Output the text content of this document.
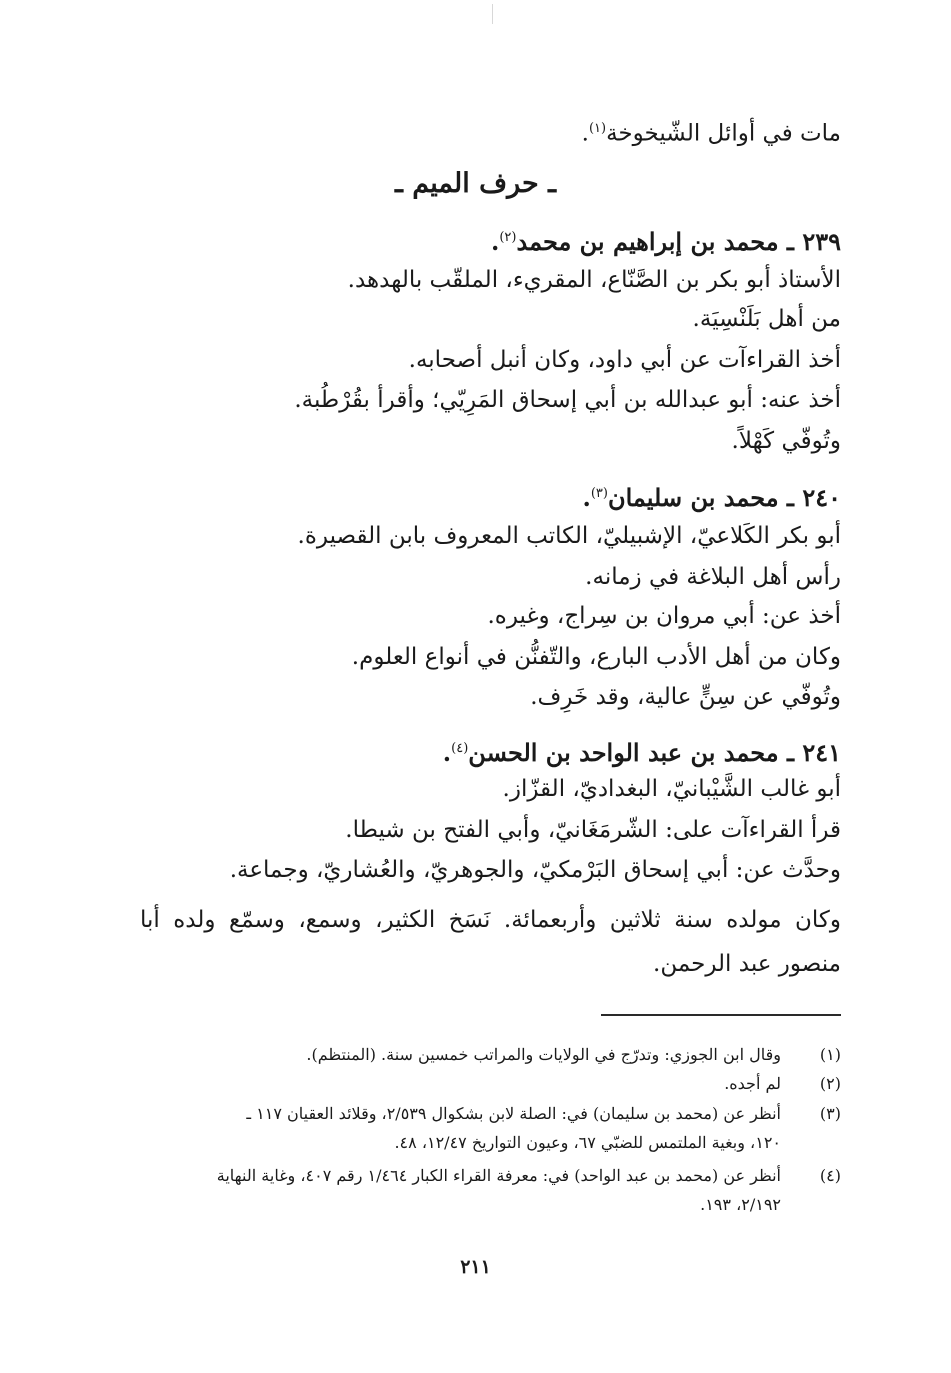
مات في أوائل الشّيخوخة$^{(١)}$.
ـ حرف الميم ـ
٢٣٩ ـ محمد بن إبراهيم بن محمد$^{(٢)}$.
الأستاذ أبو بكر بن الصَّنّاع، المقريء، الملقّب بالهدهد.
من أهل بَلَنْسِيَة.
أخذ القراءآت عن أبي داود، وكان أنبل أصحابه.
أخذ عنه: أبو عبدالله بن أبي إسحاق المَرِيّي؛ وأقرأ بقُرْطُبة.
وتُوفّي كَهْلاً.
٢٤٠ ـ محمد بن سليمان$^{(٣)}$.
أبو بكر الكَلاعيّ، الإشبيليّ، الكاتب المعروف بابن القصيرة.
رأس أهل البلاغة في زمانه.
أخذ عن: أبي مروان بن سِراج، وغيره.
وكان من أهل الأدب البارع، والتّفنُّن في أنواع العلوم.
وتُوفّي عن سِنٍّ عالية، وقد خَرِف.
٢٤١ ـ محمد بن عبد الواحد بن الحسن$^{(٤)}$.
أبو غالب الشَّيْبانيّ، البغداديّ، القزّاز.
قرأ القراءآت على: الشّرمَغَانيّ، وأبي الفتح بن شيطا.
وحدَّث عن: أبي إسحاق البَرْمكيّ، والجوهريّ، والعُشاريّ، وجماعة.
وكان مولده سنة ثلاثين وأربعمائة. نَسَخ الكثير، وسمع، وسمّع ولده أبا منصور عبد الرحمن.
(١)وقال ابن الجوزي: وتدرّج في الولايات والمراتب خمسين سنة. (المنتظم).
(٢)لم أجده.
(٣)أنظر عن (محمد بن سليمان) في: الصلة لابن بشكوال ٢/٥٣٩، وقلائد العقيان ١١٧ ـ
١٢٠، وبغية الملتمس للضبّي ٦٧، وعيون التواريخ ١٢/٤٧، ٤٨.
(٤)أنظر عن (محمد بن عبد الواحد) في: معرفة القراء الكبار ١/٤٦٤ رقم ٤٠٧، وغاية النهاية
٢/١٩٢، ١٩٣.
٢١١
